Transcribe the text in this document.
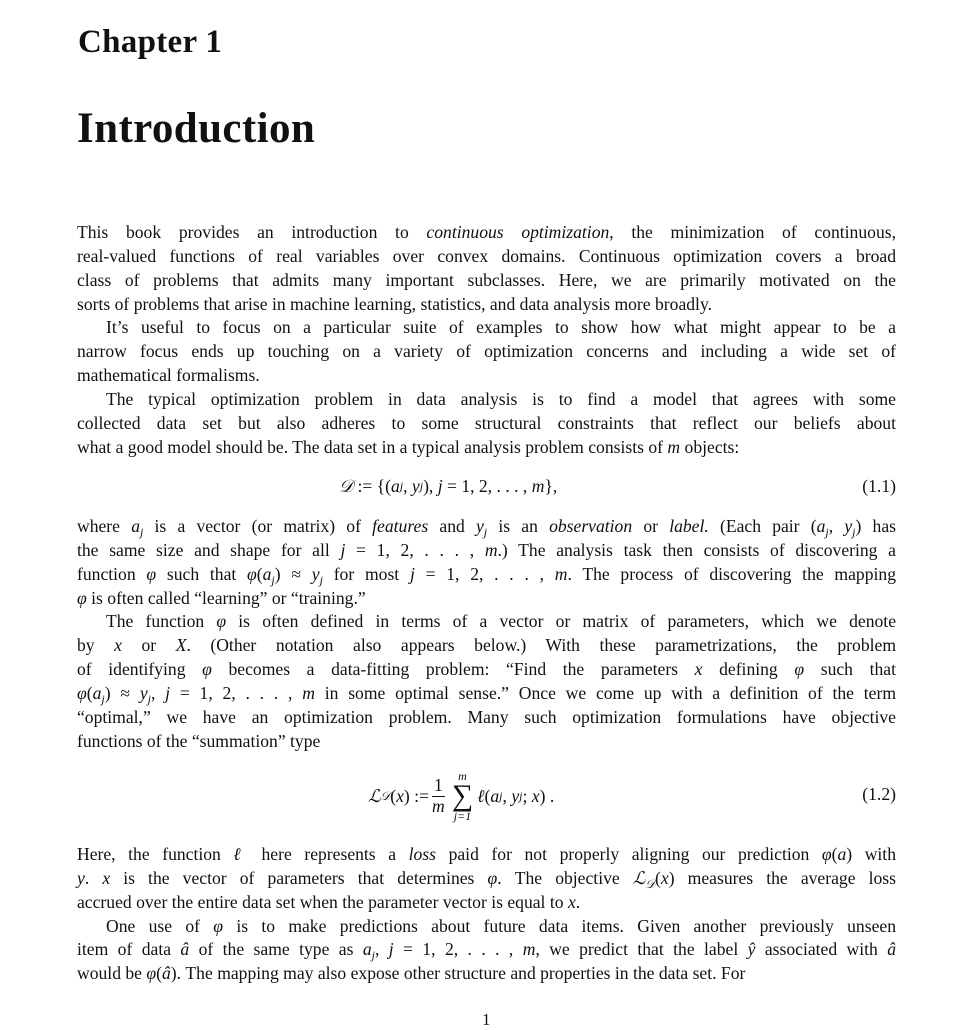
Chapter 1
Introduction
This book provides an introduction to continuous optimization, the minimization of continuous,
real-valued functions of real variables over convex domains. Continuous optimization covers a broad
class of problems that admits many important subclasses. Here, we are primarily motivated on the
sorts of problems that arise in machine learning, statistics, and data analysis more broadly.
It’s useful to focus on a particular suite of examples to show how what might appear to be a
narrow focus ends up touching on a variety of optimization concerns and including a wide set of
mathematical formalisms.
The typical optimization problem in data analysis is to find a model that agrees with some
collected data set but also adheres to some structural constraints that reflect our beliefs about
what a good model should be. The data set in a typical analysis problem consists of m objects:
𝒟 := {( a j , y j ), j = 1, 2, . . . , m },	(1.1)
where $a_j$ is a vector (or matrix) of features and $y_j$ is an observation or label. (Each pair ($a_j$, $y_j$) has
the same size and shape for all j = 1, 2, . . . , m.) The analysis task then consists of discovering a
function φ such that $\varphi(a_j) \approx y_j$ for most j = 1, 2, . . . , m. The process of discovering the mapping
φ is often called “learning” or “training.”
The function φ is often defined in terms of a vector or matrix of parameters, which we denote
by x or X. (Other notation also appears below.) With these parametrizations, the problem
of identifying φ becomes a data-fitting problem: “Find the parameters x defining φ such that
$\varphi(a_j) \approx y_j$, j = 1, 2, . . . , m in some optimal sense.” Once we come up with a definition of the term
“optimal,” we have an optimization problem. Many such optimization formulations have objective
functions of the “summation” type
ℒ 𝒟 ( x ) := $\frac{1}{m}$
m
∑
j=1
ℓ ( a j , y j ; x ) .	(1.2)
Here, the function ℓ here represents a loss paid for not properly aligning our prediction φ(a) with
y. x is the vector of parameters that determines φ. The objective ℒ$_𝒟$(x) measures the average loss
accrued over the entire data set when the parameter vector is equal to x.
One use of φ is to make predictions about future data items. Given another previously unseen
item of data â of the same type as $a_j$, j = 1, 2, . . . , m, we predict that the label ŷ associated with â
would be φ(â). The mapping may also expose other structure and properties in the data set. For
1
